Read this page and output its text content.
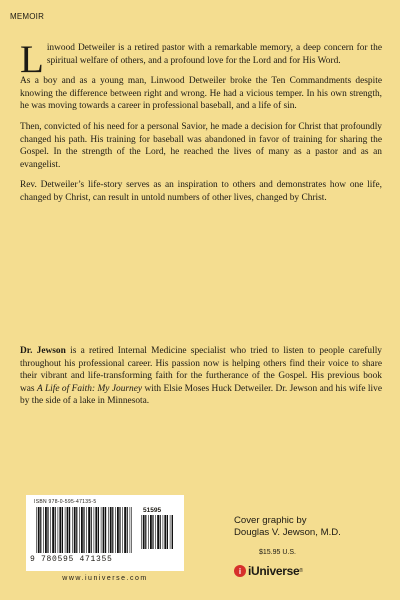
MEMOIR

Linwood Detweiler is a retired pastor with a remarkable memory, a deep concern for the spiritual welfare of others, and a profound love for the Lord and for His Word.

As a boy and as a young man, Linwood Detweiler broke the Ten Commandments despite knowing the difference between right and wrong. He had a vicious temper. In his own strength, he was moving towards a career in professional baseball, and a life of sin.

Then, convicted of his need for a personal Savior, he made a decision for Christ that profoundly changed his path. His training for baseball was abandoned in favor of training for sharing the Gospel. In the strength of the Lord, he reached the lives of many as a pastor and as an evangelist.

Rev. Detweiler’s life-story serves as an inspiration to others and demonstrates how one life, changed by Christ, can result in untold numbers of other lives, changed by Christ.

Dr. Jewson is a retired Internal Medicine specialist who tried to listen to people carefully throughout his professional career. His passion now is helping others find their voice to share their vibrant and life-transforming faith for the furtherance of the Gospel. His previous book was A Life of Faith: My Journey with Elsie Moses Huck Detweiler. Dr. Jewson and his wife live by the side of a lake in Minnesota.

ISBN 978-0-595-47135-5
51595
9 780595 471355
www.iuniverse.com
Cover graphic by
Douglas V. Jewson, M.D.
$15.95 U.S.
i iUniverse ®
